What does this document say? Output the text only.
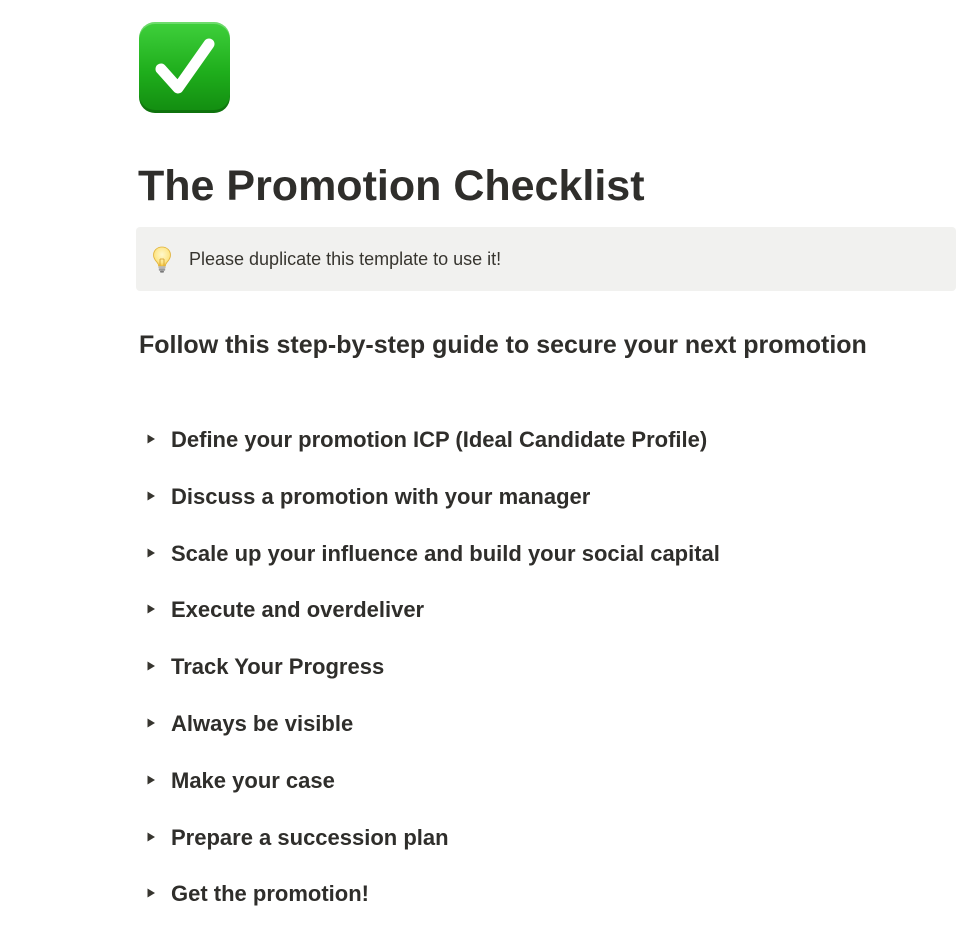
The Promotion Checklist
Please duplicate this template to use it!
Follow this step-by-step guide to secure your next promotion
Define your promotion ICP (Ideal Candidate Profile)
Discuss a promotion with your manager
Scale up your influence and build your social capital
Execute and overdeliver
Track Your Progress
Always be visible
Make your case
Prepare a succession plan
Get the promotion!
